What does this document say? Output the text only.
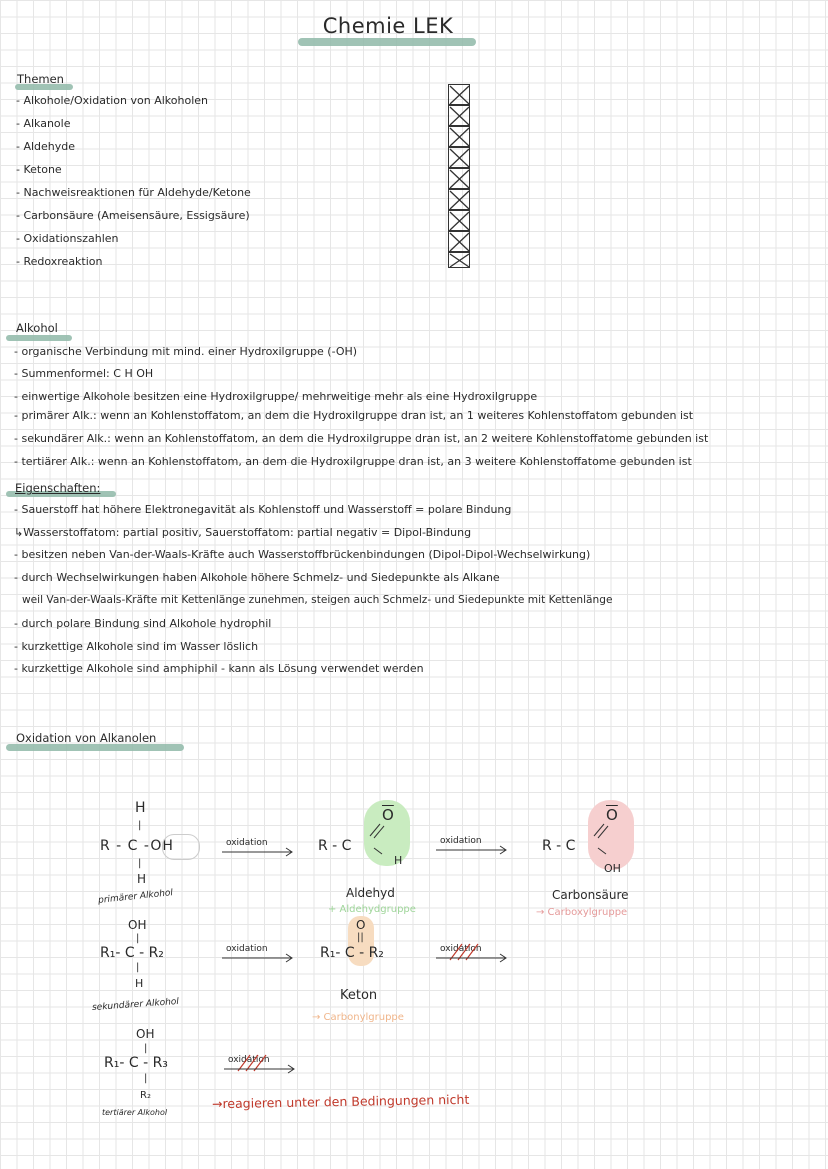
Chemie LEK
Themen
- Alkohole/Oxidation von Alkoholen
- Alkanole
- Aldehyde
- Ketone
- Nachweisreaktionen für Aldehyde/Ketone
- Carbonsäure (Ameisensäure, Essigsäure)
- Oxidationszahlen
- Redoxreaktion
Alkohol
- organische Verbindung mit mind. einer Hydroxilgruppe (-OH)
- Summenformel: C H OH
- einwertige Alkohole besitzen eine Hydroxilgruppe/ mehrweitige mehr als eine Hydroxilgruppe
- primärer Alk.: wenn an Kohlenstoffatom, an dem die Hydroxilgruppe dran ist, an 1 weiteres Kohlenstoffatom gebunden ist
- sekundärer Alk.: wenn an Kohlenstoffatom, an dem die Hydroxilgruppe dran ist, an 2 weitere Kohlenstoffatome gebunden ist
- tertiärer Alk.: wenn an Kohlenstoffatom, an dem die Hydroxilgruppe dran ist, an 3 weitere Kohlenstoffatome gebunden ist
Eigenschaften:
- Sauerstoff hat höhere Elektronegavität als Kohlenstoff und Wasserstoff = polare Bindung
↳Wasserstoffatom: partial positiv, Sauerstoffatom: partial negativ = Dipol-Bindung
- besitzen neben Van-der-Waals-Kräfte auch Wasserstoffbrückenbindungen (Dipol-Dipol-Wechselwirkung)
- durch Wechselwirkungen haben Alkohole höhere Schmelz- und Siedepunkte als Alkane
weil Van-der-Waals-Kräfte mit Kettenlänge zunehmen, steigen auch Schmelz- und Siedepunkte mit Kettenlänge
- durch polare Bindung sind Alkohole hydrophil
- kurzkettige Alkohole sind im Wasser löslich
- kurzkettige Alkohole sind amphiphil - kann als Lösung verwendet werden
Oxidation von Alkanolen
H
|
R - C -OH
|
H
primärer Alkohol
oxidation
$\overline{O}$
R - C
H
Aldehyd
+ Aldehydgruppe
oxidation
$\overline{O}$
R - C
OH
Carbonsäure
→ Carboxylgruppe
OH
|
R₁- C - R₂
|
H
sekundärer Alkohol
oxidation
O
||
R₁- C - R₂
Keton
→ Carbonylgruppe
oxidation
OH
|
R₁- C - R₃
|
R₂
tertiärer Alkohol
oxidation
→reagieren unter den Bedingungen nicht
